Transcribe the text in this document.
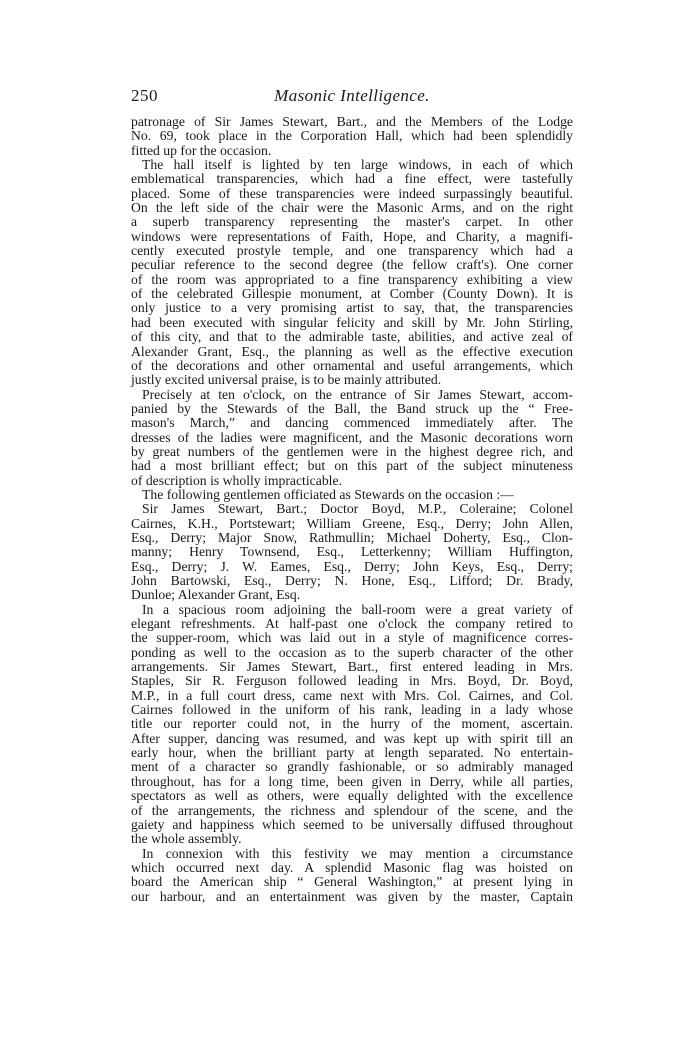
250	Masonic Intelligence.
patronage of Sir James Stewart, Bart., and the Members of the Lodge
No. 69, took place in the Corporation Hall, which had been splendidly
fitted up for the occasion.
The hall itself is lighted by ten large windows, in each of which
emblematical transparencies, which had a fine effect, were tastefully
placed. Some of these transparencies were indeed surpassingly beautiful.
On the left side of the chair were the Masonic Arms, and on the right
a superb transparency representing the master's carpet. In other
windows were representations of Faith, Hope, and Charity, a magnifi-
cently executed prostyle temple, and one transparency which had a
peculiar reference to the second degree (the fellow craft's). One corner
of the room was appropriated to a fine transparency exhibiting a view
of the celebrated Gillespie monument, at Comber (County Down). It is
only justice to a very promising artist to say, that, the transparencies
had been executed with singular felicity and skill by Mr. John Stirling,
of this city, and that to the admirable taste, abilities, and active zeal of
Alexander Grant, Esq., the planning as well as the effective execution
of the decorations and other ornamental and useful arrangements, which
justly excited universal praise, is to be mainly attributed.
Precisely at ten o'clock, on the entrance of Sir James Stewart, accom-
panied by the Stewards of the Ball, the Band struck up the “ Free-
mason's March,” and dancing commenced immediately after. The
dresses of the ladies were magnificent, and the Masonic decorations worn
by great numbers of the gentlemen were in the highest degree rich, and
had a most brilliant effect; but on this part of the subject minuteness
of description is wholly impracticable.
The following gentlemen officiated as Stewards on the occasion :—
Sir James Stewart, Bart.; Doctor Boyd, M.P., Coleraine; Colonel
Cairnes, K.H., Portstewart; William Greene, Esq., Derry; John Allen,
Esq., Derry; Major Snow, Rathmullin; Michael Doherty, Esq., Clon-
manny; Henry Townsend, Esq., Letterkenny; William Huffington,
Esq., Derry; J. W. Eames, Esq., Derry; John Keys, Esq., Derry;
John Bartowski, Esq., Derry; N. Hone, Esq., Lifford; Dr. Brady,
Dunloe; Alexander Grant, Esq.
In a spacious room adjoining the ball-room were a great variety of
elegant refreshments. At half-past one o'clock the company retired to
the supper-room, which was laid out in a style of magnificence corres-
ponding as well to the occasion as to the superb character of the other
arrangements. Sir James Stewart, Bart., first entered leading in Mrs.
Staples, Sir R. Ferguson followed leading in Mrs. Boyd, Dr. Boyd,
M.P., in a full court dress, came next with Mrs. Col. Cairnes, and Col.
Cairnes followed in the uniform of his rank, leading in a lady whose
title our reporter could not, in the hurry of the moment, ascertain.
After supper, dancing was resumed, and was kept up with spirit till an
early hour, when the brilliant party at length separated. No entertain-
ment of a character so grandly fashionable, or so admirably managed
throughout, has for a long time, been given in Derry, while all parties,
spectators as well as others, were equally delighted with the excellence
of the arrangements, the richness and splendour of the scene, and the
gaiety and happiness which seemed to be universally diffused throughout
the whole assembly.
In connexion with this festivity we may mention a circumstance
which occurred next day. A splendid Masonic flag was hoisted on
board the American ship “ General Washington,” at present lying in
our harbour, and an entertainment was given by the master, Captain
